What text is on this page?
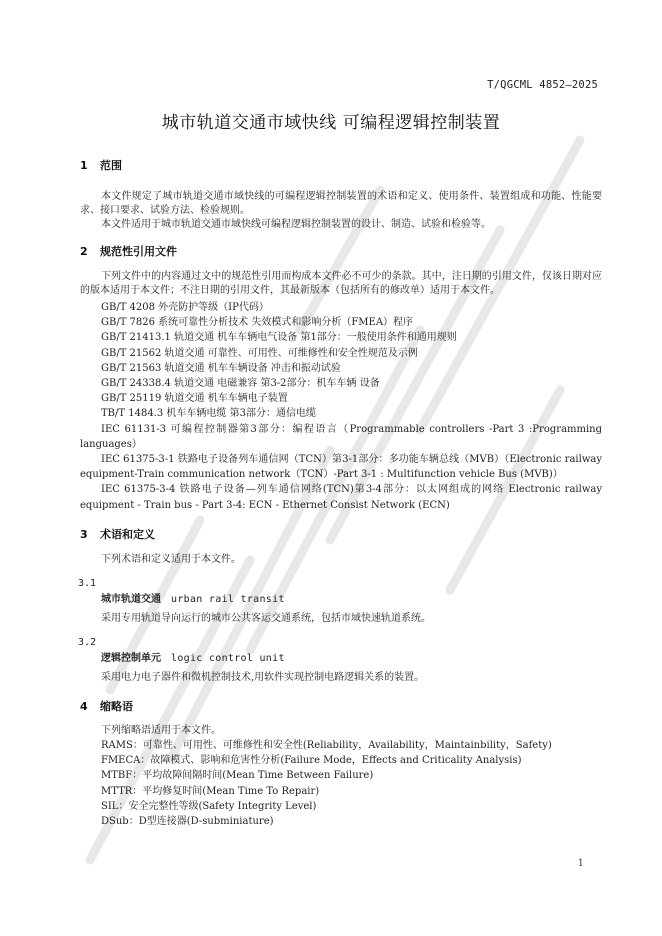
T/QGCML 4852—2025
城市轨道交通市域快线 可编程逻辑控制装置
1 范围

本文件规定了城市轨道交通市域快线的可编程逻辑控制装置的术语和定义、使用条件、装置组成和功能、性能要求、接口要求、试验方法、检验规则。

本文件适用于城市轨道交通市域快线可编程逻辑控制装置的设计、制造、试验和检验等。

2 规范性引用文件

下列文件中的内容通过文中的规范性引用而构成本文件必不可少的条款。其中，注日期的引用文件，仅该日期对应的版本适用于本文件；不注日期的引用文件，其最新版本（包括所有的修改单）适用于本文件。

GB/T 4208 外壳防护等级（IP代码）

GB/T 7826 系统可靠性分析技术 失效模式和影响分析（FMEA）程序

GB/T 21413.1 轨道交通 机车车辆电气设备 第1部分：一般使用条件和通用规则

GB/T 21562 轨道交通 可靠性、可用性、可维修性和安全性规范及示例

GB/T 21563 轨道交通 机车车辆设备 冲击和振动试验

GB/T 24338.4 轨道交通 电磁兼容 第3-2部分：机车车辆 设备

GB/T 25119 轨道交通 机车车辆电子装置

TB/T 1484.3 机车车辆电缆 第3部分：通信电缆

IEC 61131-3 可编程控制器第3部分：编程语言（Programmable controllers -Part 3 :Programming languages）

IEC 61375-3-1 铁路电子设备列车通信网（TCN）第3-1部分：多功能车辆总线（MVB）（Electronic railway equipment-Train communication network（TCN）-Part 3-1 : Multifunction vehicle Bus (MVB)）

IEC 61375-3-4 铁路电子设备—列车通信网络(TCN)第3-4部分：以太网组成的网络 Electronic railway equipment - Train bus - Part 3-4: ECN - Ethernet Consist Network (ECN)

3 术语和定义

下列术语和定义适用于本文件。

3.1

城市轨道交通 urban rail transit

采用专用轨道导向运行的城市公共客运交通系统，包括市域快速轨道系统。

3.2

逻辑控制单元 logic control unit

采用电力电子器件和微机控制技术,用软件实现控制电路逻辑关系的装置。

4 缩略语

下列缩略语适用于本文件。

RAMS：可靠性、可用性、可维修性和安全性(Reliability，Availability，Maintainbility，Safety)

FMECA：故障模式、影响和危害性分析(Failure Mode，Effects and Criticality Analysis)

MTBF：平均故障间隔时间(Mean Time Between Failure)

MTTR：平均修复时间(Mean Time To Repair)

SIL：安全完整性等级(Safety Integrity Level)

DSub：D型连接器(D-subminiature)

1
